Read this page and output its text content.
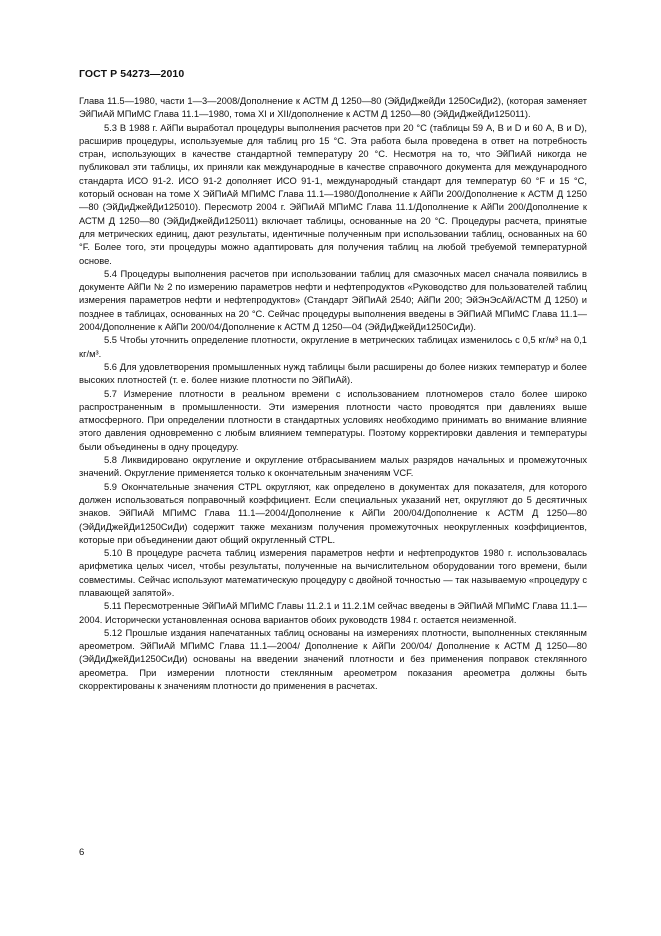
ГОСТ Р 54273—2010

Глава 11.5—1980, части 1—3—2008/Дополнение к АСТМ Д 1250—80 (ЭйДиДжейДи 1250СиДи2), (которая заменяет ЭйПиАй МПиМС Глава 11.1—1980, тома XI и XII/дополнение к АСТМ Д 1250—80 (ЭйДиДжейДи125011).

5.3 В 1988 г. АйПи выработал процедуры выполнения расчетов при 20 °С (таблицы 59 А, В и D и 60 А, В и D), расширив процедуры, используемые для таблиц pro 15 °С. Эта работа была проведена в ответ на потребность стран, использующих в качестве стандартной температуру 20 °С. Несмотря на то, что ЭйПиАй никогда не публиковал эти таблицы, их приняли как международные в качестве справочного документа для международного стандарта ИСО 91-2. ИСО 91-2 дополняет ИСО 91-1, международный стандарт для температур 60 °F и 15 °С, который основан на томе X ЭйПиАй МПиМС Глава 11.1—1980/Дополнение к АйПи 200/Дополнение к АСТМ Д 1250—80 (ЭйДиДжейДи125010). Пересмотр 2004 г. ЭйПиАй МПиМС Глава 11.1/Дополнение к АйПи 200/Дополнение к АСТМ Д 1250—80 (ЭйДиДжейДи125011) включает таблицы, основанные на 20 °С. Процедуры расчета, принятые для метрических единиц, дают результаты, идентичные полученным при использовании таблиц, основанных на 60 °F. Более того, эти процедуры можно адаптировать для получения таблиц на любой требуемой температурной основе.

5.4 Процедуры выполнения расчетов при использовании таблиц для смазочных масел сначала появились в документе АйПи № 2 по измерению параметров нефти и нефтепродуктов «Руководство для пользователей таблиц измерения параметров нефти и нефтепродуктов» (Стандарт ЭйПиАй 2540; АйПи 200; ЭйЭнЭсАй/АСТМ Д 1250) и позднее в таблицах, основанных на 20 °С. Сейчас процедуры выполнения введены в ЭйПиАй МПиМС Глава 11.1—2004/Дополнение к АйПи 200/04/Дополнение к АСТМ Д 1250—04 (ЭйДиДжейДи1250СиДи).

5.5 Чтобы уточнить определение плотности, округление в метрических таблицах изменилось с 0,5 кг/м³ на 0,1 кг/м³.

5.6 Для удовлетворения промышленных нужд таблицы были расширены до более низких температур и более высоких плотностей (т. е. более низкие плотности по ЭйПиАй).

5.7 Измерение плотности в реальном времени с использованием плотномеров стало более широко распространенным в промышленности. Эти измерения плотности часто проводятся при давлениях выше атмосферного. При определении плотности в стандартных условиях необходимо принимать во внимание влияние этого давления одновременно с любым влиянием температуры. Поэтому корректировки давления и температуры были объединены в одну процедуру.

5.8 Ликвидировано округление и округление отбрасыванием малых разрядов начальных и промежуточных значений. Округление применяется только к окончательным значениям VCF.

5.9 Окончательные значения СТРL округляют, как определено в документах для показателя, для которого должен использоваться поправочный коэффициент. Если специальных указаний нет, округляют до 5 десятичных знаков. ЭйПиАй МПиМС Глава 11.1—2004/Дополнение к АйПи 200/04/Дополнение к АСТМ Д 1250—80 (ЭйДиДжейДи1250СиДи) содержит также механизм получения промежуточных неокругленных коэффициентов, которые при объединении дают общий округленный СТРL.

5.10 В процедуре расчета таблиц измерения параметров нефти и нефтепродуктов 1980 г. использовалась арифметика целых чисел, чтобы результаты, полученные на вычислительном оборудовании того времени, были совместимы. Сейчас используют математическую процедуру с двойной точностью — так называемую «процедуру с плавающей запятой».

5.11 Пересмотренные ЭйПиАй МПиМС Главы 11.2.1 и 11.2.1М сейчас введены в ЭйПиАй МПиМС Глава 11.1—2004. Исторически установленная основа вариантов обоих руководств 1984 г. остается неизменной.

5.12 Прошлые издания напечатанных таблиц основаны на измерениях плотности, выполненных стеклянным ареометром. ЭйПиАй МПиМС Глава 11.1—2004/ Дополнение к АйПи 200/04/ Дополнение к АСТМ Д 1250—80 (ЭйДиДжейДи1250СиДи) основаны на введении значений плотности и без применения поправок стеклянного ареометра. При измерении плотности стеклянным ареометром показания ареометра должны быть скорректированы к значениям плотности до применения в расчетах.

6
